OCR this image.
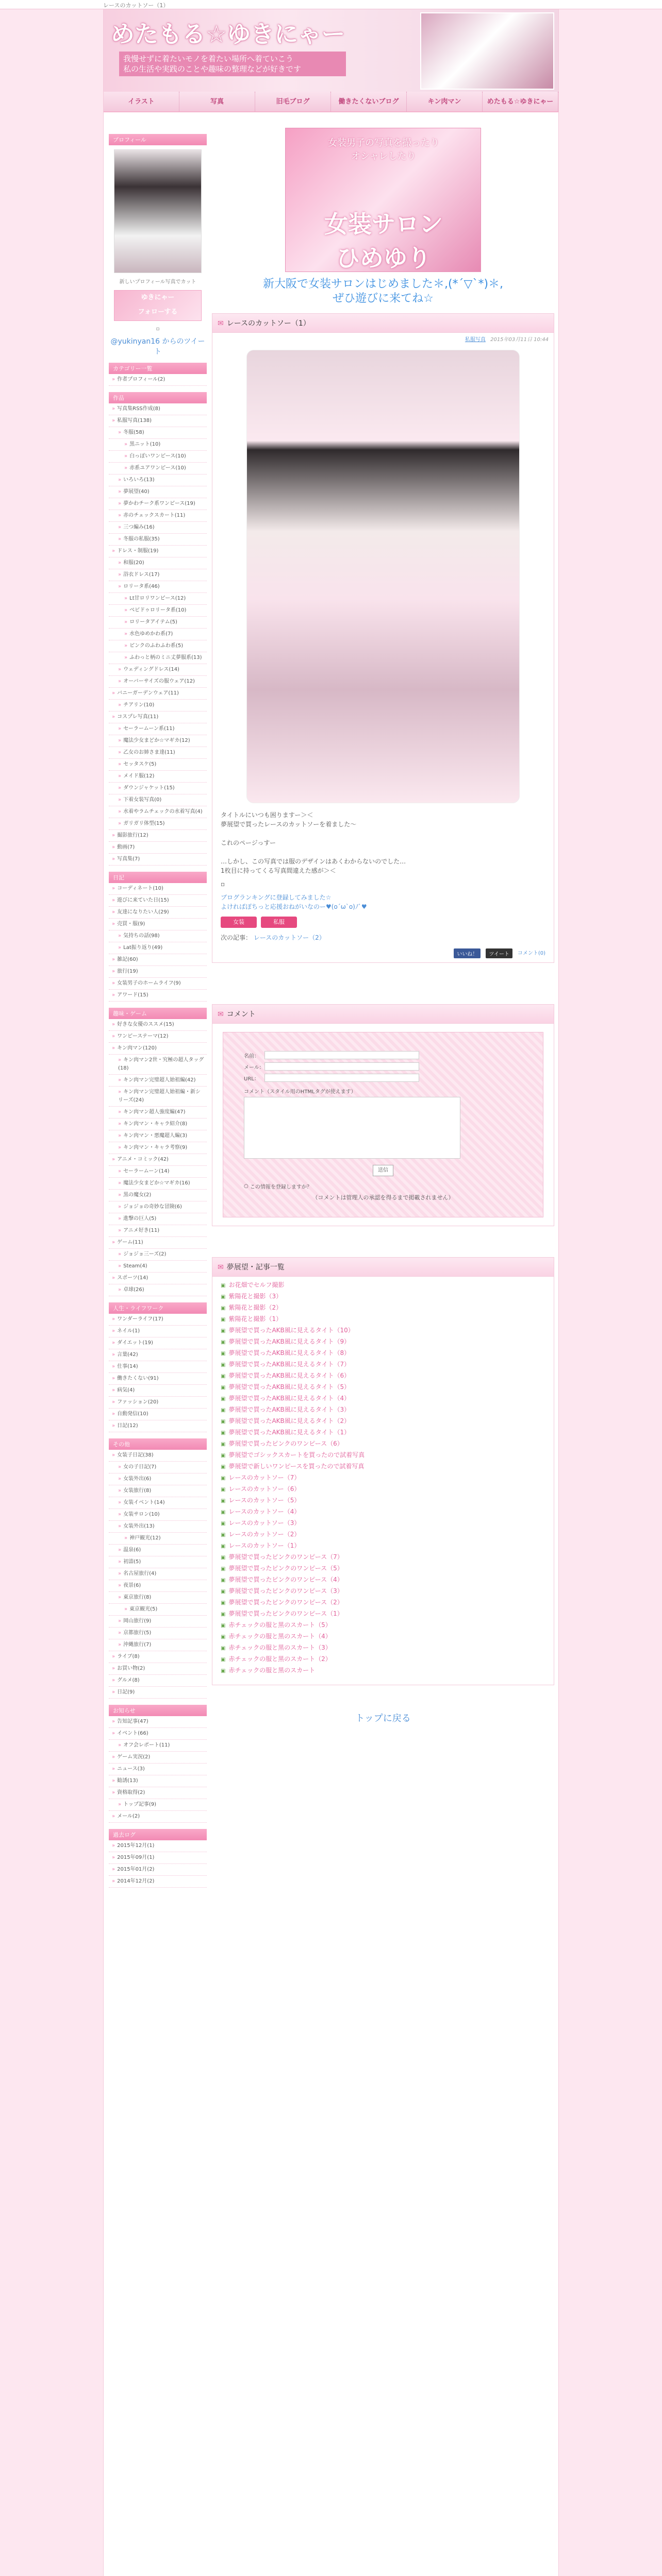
レースのカットソー（1）
めたもる☆ゆきにゃー
我慢せずに着たいモノを着たい場所へ着ていこう
私の生活や実践のことや趣味の整理などが好きです
イラスト	写真	旧毛ブログ	働きたくないブログ	キン肉マン	めたもる☆ゆきにゃー
プロフィール
新しいプロフィール写真でカット
ゆきにゃー
フォローする
▫
@yukinyan16 からのツイート
カテゴリー一覧
» 作者プロフィール(2)
作品
» 写真集RSS作成(8)
» 私服写真(138)
» 冬服(58)
» 黒ニット(10)
» 白っぽいワンピース(10)
» 赤系ユアワンピース(10)
» いろいろ(13)
» 夢展望(40)
» 夢かわチーク系ワンピース(19)
» 赤のチェックスカート(11)
» 三つ編み(16)
» 冬服の私服(35)
» ドレス・制服(19)
» 和服(20)
» 浴衣ドレス(17)
» ロリータ系(46)
» Lt甘ロリワンピース(12)
» ベビドゥロリータ系(10)
» ロリータアイテム(5)
» 水色ゆめかわ系(7)
» ピンクのふわふわ系(5)
» ふわっと柄のミニ丈夢服系(13)
» ウェディングドレス(14)
» オーバーサイズの服ウェア(12)
» バニーガーデンウェア(11)
» チアリン(10)
» コスプレ写真(11)
» セーラームーン系(11)
» 魔法少女まどか☆マギカ(12)
» 乙女のお姉さま達(11)
» セッタスケ(5)
» メイド服(12)
» ダウンジャケット(15)
» 下着女装写真(0)
» 水着やラムチェックの水着写真(4)
» ガリガリ体型(15)
» 撮影旅行(12)
» 動画(7)
» 写真集(7)
日記
» コーディネート(10)
» 遊びに来ていた日(15)
» 友達になりたい人(29)
» 売買・服(9)
» 気持ちの話(98)
» Lat振り返り(49)
» 雑記(60)
» 旅行(19)
» 女装男子のホームライフ(9)
» アワード(15)
趣味・ゲーム
» 好きな女優のススメ(15)
» ワンピーステーマ(12)
» キン肉マン(120)
» キン肉マン2世・究極の超人タッグ(18)
» キン肉マン完璧超人始祖編(42)
» キン肉マン完璧超人始祖編・新シリーズ(24)
» キン肉マン超人強度編(47)
» キン肉マン・キャラ紹介(8)
» キン肉マン・悪魔超人編(3)
» キン肉マン・キャラ考察(9)
» アニメ・コミック(42)
» セーラームーン(14)
» 魔法少女まどか☆マギカ(16)
» 黒の魔女(2)
» ジョジョの奇妙な冒険(6)
» 進撃の巨人(5)
» アニメ好き(11)
» ゲーム(11)
» ジョジョ三ーズ(2)
» Steam(4)
» スポーツ(14)
» 卓球(26)
人生・ライフワーク
» ワンダーライフ(17)
» ネイル(1)
» ダイエット(19)
» 言葉(42)
» 仕事(14)
» 働きたくない(91)
» 病気(4)
» ファッション(20)
» 自動発信(10)
» 日記(12)
その他
» 女装子日記(38)
» 女の子日記(7)
» 女装外出(6)
» 女装旅行(8)
» 女装イベント(14)
» 女装サロン(10)
» 女装外出(13)
» 神戸観光(12)
» 温泉(6)
» 初詣(5)
» 名古屋旅行(4)
» 夜景(6)
» 東京旅行(8)
» 東京観光(5)
» 岡山旅行(9)
» 京都旅行(5)
» 沖縄旅行(7)
» ライブ(8)
» お買い物(2)
» グルメ(8)
» 日記(9)
お知らせ
» 告知記事(47)
» イベント(66)
» オフ会レポート(11)
» ゲーム実況(2)
» ニュース(3)
» 勧誘(13)
» 資格取得(2)
» トップ記事(9)
» メール(2)
過去ログ
» 2015年12月(1)
» 2015年09月(1)
» 2015年01月(2)
» 2014年12月(2)
女装男子の写真を撮ったり
オシャレしたり
女装サロン
ひめゆり
新大阪で女装サロンはじめました＊,(*´▽`*)＊,
ぜひ遊びに来てね☆
✉ レースのカットソー（1）
私服写真 2015年03月11日 10:44
タイトルにいつも困りますー＞＜
夢展望で買ったレースのカットソーを着ました～
これのページっすー
…しかし、この写真では服のデザインはあくわからないのでした…
1枚目に持ってくる写真間違えた感が＞＜
▫
ブログランキングに登録してみました☆
よければぽちっと応援おねがいなのー♥(o´ω`o)ﾉﾞ♥
女装	私服
次の記事： レースのカットソー（2）
いいね！	ツイート	コメント(0)
✉ コメント
名前：
メール：
URL：
コメント（スタイル用のHTMLタグが使えます）
送信
○
この情報を登録しますか？
（コメントは管理人の承認を得るまで掲載されません）
✉ 夢展望・記事一覧
▣ お花畑でセルフ撮影
▣ 紫陽花と撮影（3）
▣ 紫陽花と撮影（2）
▣ 紫陽花と撮影（1）
▣ 夢展望で買ったAKB風に見えるタイト（10）
▣ 夢展望で買ったAKB風に見えるタイト（9）
▣ 夢展望で買ったAKB風に見えるタイト（8）
▣ 夢展望で買ったAKB風に見えるタイト（7）
▣ 夢展望で買ったAKB風に見えるタイト（6）
▣ 夢展望で買ったAKB風に見えるタイト（5）
▣ 夢展望で買ったAKB風に見えるタイト（4）
▣ 夢展望で買ったAKB風に見えるタイト（3）
▣ 夢展望で買ったAKB風に見えるタイト（2）
▣ 夢展望で買ったAKB風に見えるタイト（1）
▣ 夢展望で買ったピンクのワンピース（6）
▣ 夢展望でゴシックスカートを買ったので試着写真
▣ 夢展望で新しいワンピースを買ったので試着写真
▣ レースのカットソー（7）
▣ レースのカットソー（6）
▣ レースのカットソー（5）
▣ レースのカットソー（4）
▣ レースのカットソー（3）
▣ レースのカットソー（2）
▣ レースのカットソー（1）
▣ 夢展望で買ったピンクのワンピース（7）
▣ 夢展望で買ったピンクのワンピース（5）
▣ 夢展望で買ったピンクのワンピース（4）
▣ 夢展望で買ったピンクのワンピース（3）
▣ 夢展望で買ったピンクのワンピース（2）
▣ 夢展望で買ったピンクのワンピース（1）
▣ 赤チェックの服と黒のスカート（5）
▣ 赤チェックの服と黒のスカート（4）
▣ 赤チェックの服と黒のスカート（3）
▣ 赤チェックの服と黒のスカート（2）
▣ 赤チェックの服と黒のスカート
トップに戻る
